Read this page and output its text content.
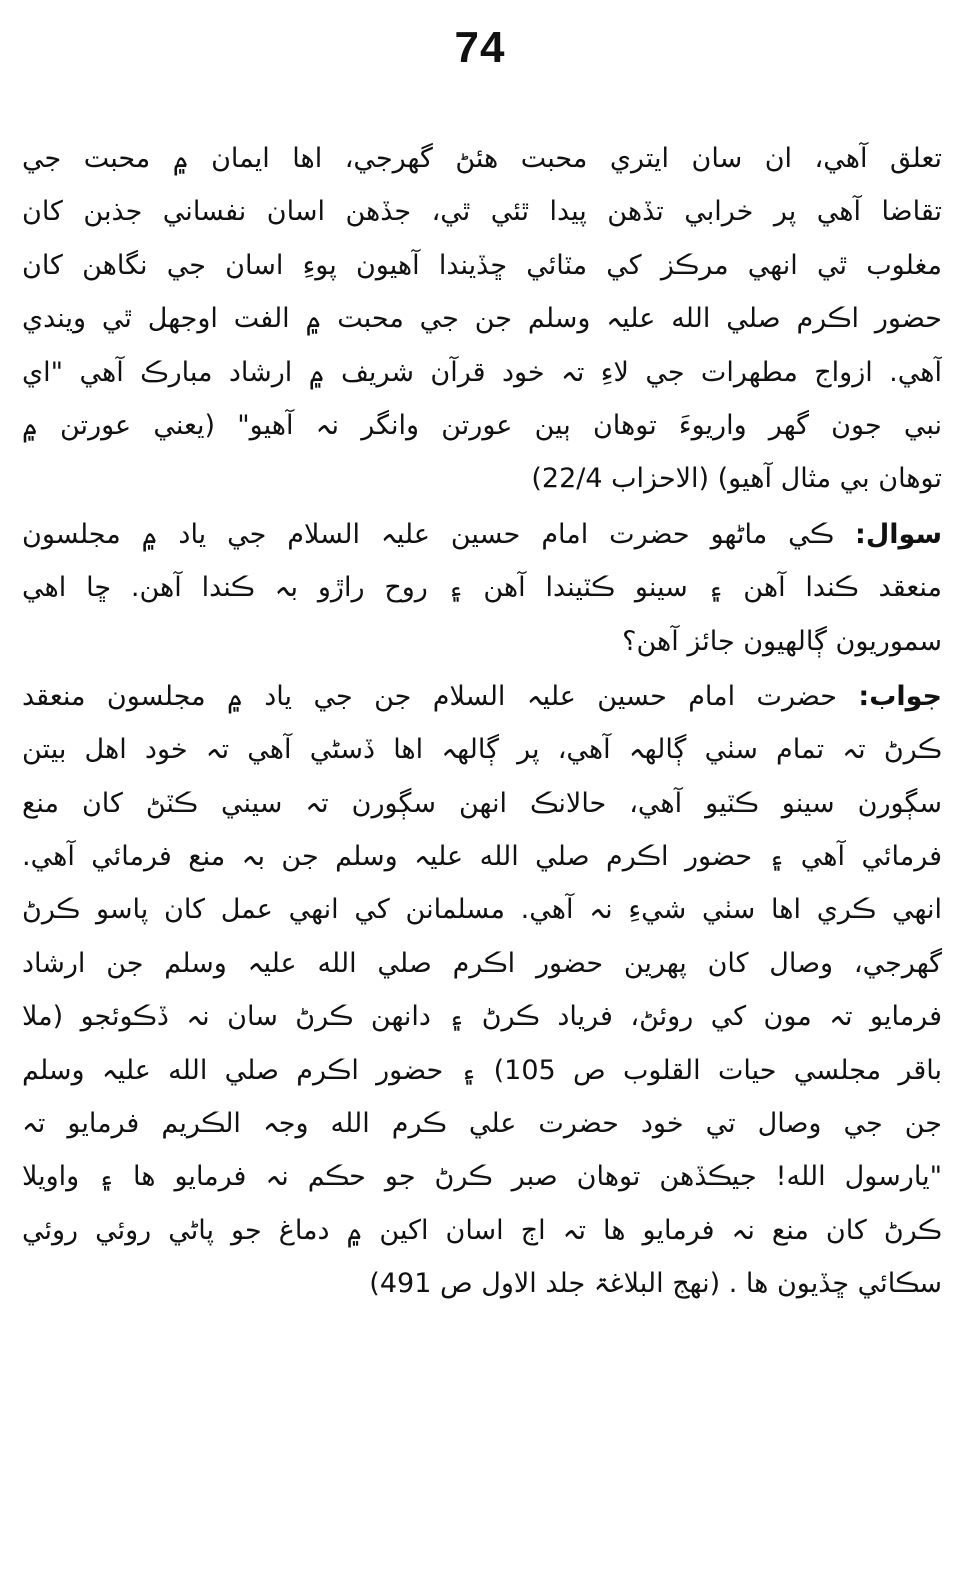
74
تعلق آهي، ان سان ايتري محبت هئڻ گهرجي، اها ايمان ۾ محبت جي
تقاضا آهي پر خرابي تڏهن پيدا ٿئي ٿي، جڏهن اسان نفساني جذبن کان
مغلوب ٿي انهي مرڪز کي مٽائي ڇڏيندا آهيون پوءِ اسان جي نگاهن کان
حضور اڪرم صلي الله عليہ وسلم جن جي محبت ۾ الفت اوجهل ٿي ويندي
آهي. ازواج مطهرات جي لاءِ تہ خود قرآن شريف ۾ ارشاد مبارڪ آهي "اي
نبي جون گهر واريوءَ توهان ٻين عورتن وانگر نہ آهيو" (يعني عورتن ۾
توهان بي مثال آهيو) (الاحزاب 22/4)
سوال: ڪي ماڻهو حضرت امام حسين عليہ السلام جي ياد ۾ مجلسون
منعقد ڪندا آهن ۽ سينو ڪٽيندا آهن ۽ روح راڙو بہ ڪندا آهن. ڇا اهي
سموريون ڳالهيون جائز آهن؟
جواب: حضرت امام حسين عليہ السلام جن جي ياد ۾ مجلسون منعقد
ڪرڻ تہ تمام سٺي ڳالهہ آهي، پر ڳالهہ اها ڏسڻي آهي تہ خود اهل بيتن
سڳورن سينو ڪٽيو آهي، حالانڪ انهن سڳورن تہ سيني ڪٽڻ کان منع
فرمائي آهي ۽ حضور اڪرم صلي الله عليہ وسلم جن بہ منع فرمائي آهي.
انهي ڪري اها سٺي شيءِ نہ آهي. مسلمانن کي انهي عمل کان پاسو ڪرڻ
گهرجي، وصال کان پهرين حضور اڪرم صلي الله عليہ وسلم جن ارشاد
فرمايو تہ مون کي روئڻ، فرياد ڪرڻ ۽ دانهن ڪرڻ سان نہ ڏڪوئجو (ملا
باقر مجلسي حيات القلوب ص 105) ۽ حضور اڪرم صلي الله عليہ وسلم
جن جي وصال تي خود حضرت علي ڪرم الله وجہ الڪريم فرمايو تہ
"يارسول الله! جيڪڏهن توهان صبر ڪرڻ جو حڪم نہ فرمايو ها ۽ واويلا
ڪرڻ کان منع نہ فرمايو ها تہ اڄ اسان اکين ۾ دماغ جو پاڻي روئي روئي
سڪائي ڇڏيون ها . (نهج البلاغۃ جلد الاول ص 491)
